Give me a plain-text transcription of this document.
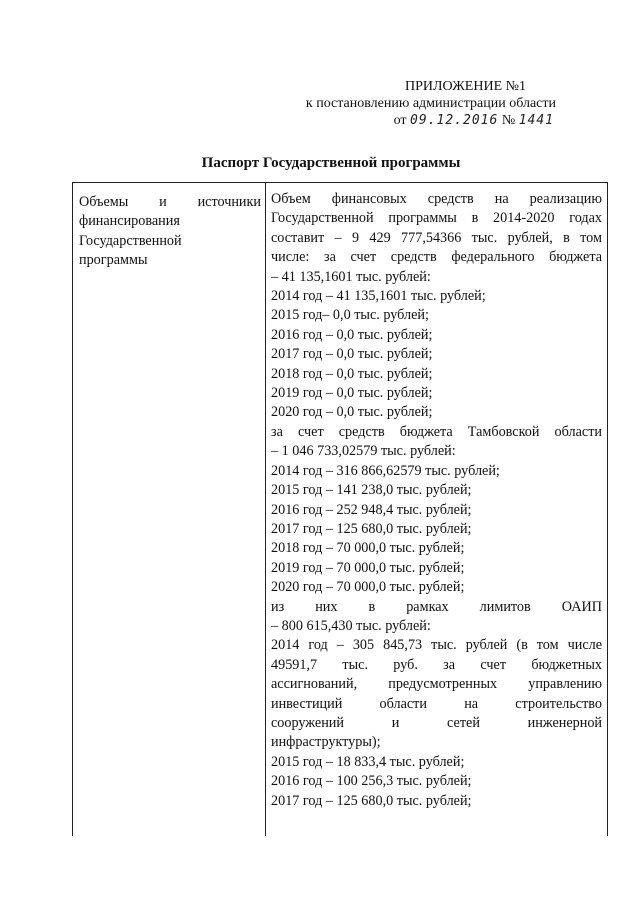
ПРИЛОЖЕНИЕ №1
к постановлению администрации области
от 09.12.2016 № 1441
Паспорт Государственной программы
Объемы и источники
финансирования
Государственной
программы
Объем финансовых средств на реализацию
Государственной программы в 2014-2020 годах
составит – 9 429 777,54366 тыс. рублей, в том
числе: за счет средств федерального бюджета
– 41 135,1601 тыс. рублей:
2014 год – 41 135,1601 тыс. рублей;
2015 год– 0,0 тыс. рублей;
2016 год – 0,0 тыс. рублей;
2017 год – 0,0 тыс. рублей;
2018 год – 0,0 тыс. рублей;
2019 год – 0,0 тыс. рублей;
2020 год – 0,0 тыс. рублей;
за счет средств бюджета Тамбовской области
– 1 046 733,02579 тыс. рублей:
2014 год – 316 866,62579 тыс. рублей;
2015 год – 141 238,0 тыс. рублей;
2016 год – 252 948,4 тыс. рублей;
2017 год – 125 680,0 тыс. рублей;
2018 год – 70 000,0 тыс. рублей;
2019 год – 70 000,0 тыс. рублей;
2020 год – 70 000,0 тыс. рублей;
из них в рамках лимитов ОАИП
– 800 615,430 тыс. рублей:
2014 год – 305 845,73 тыс. рублей (в том числе
49591,7 тыс. руб. за счет бюджетных
ассигнований, предусмотренных управлению
инвестиций области на строительство
сооружений и сетей инженерной
инфраструктуры);
2015 год – 18 833,4 тыс. рублей;
2016 год – 100 256,3 тыс. рублей;
2017 год – 125 680,0 тыс. рублей;
